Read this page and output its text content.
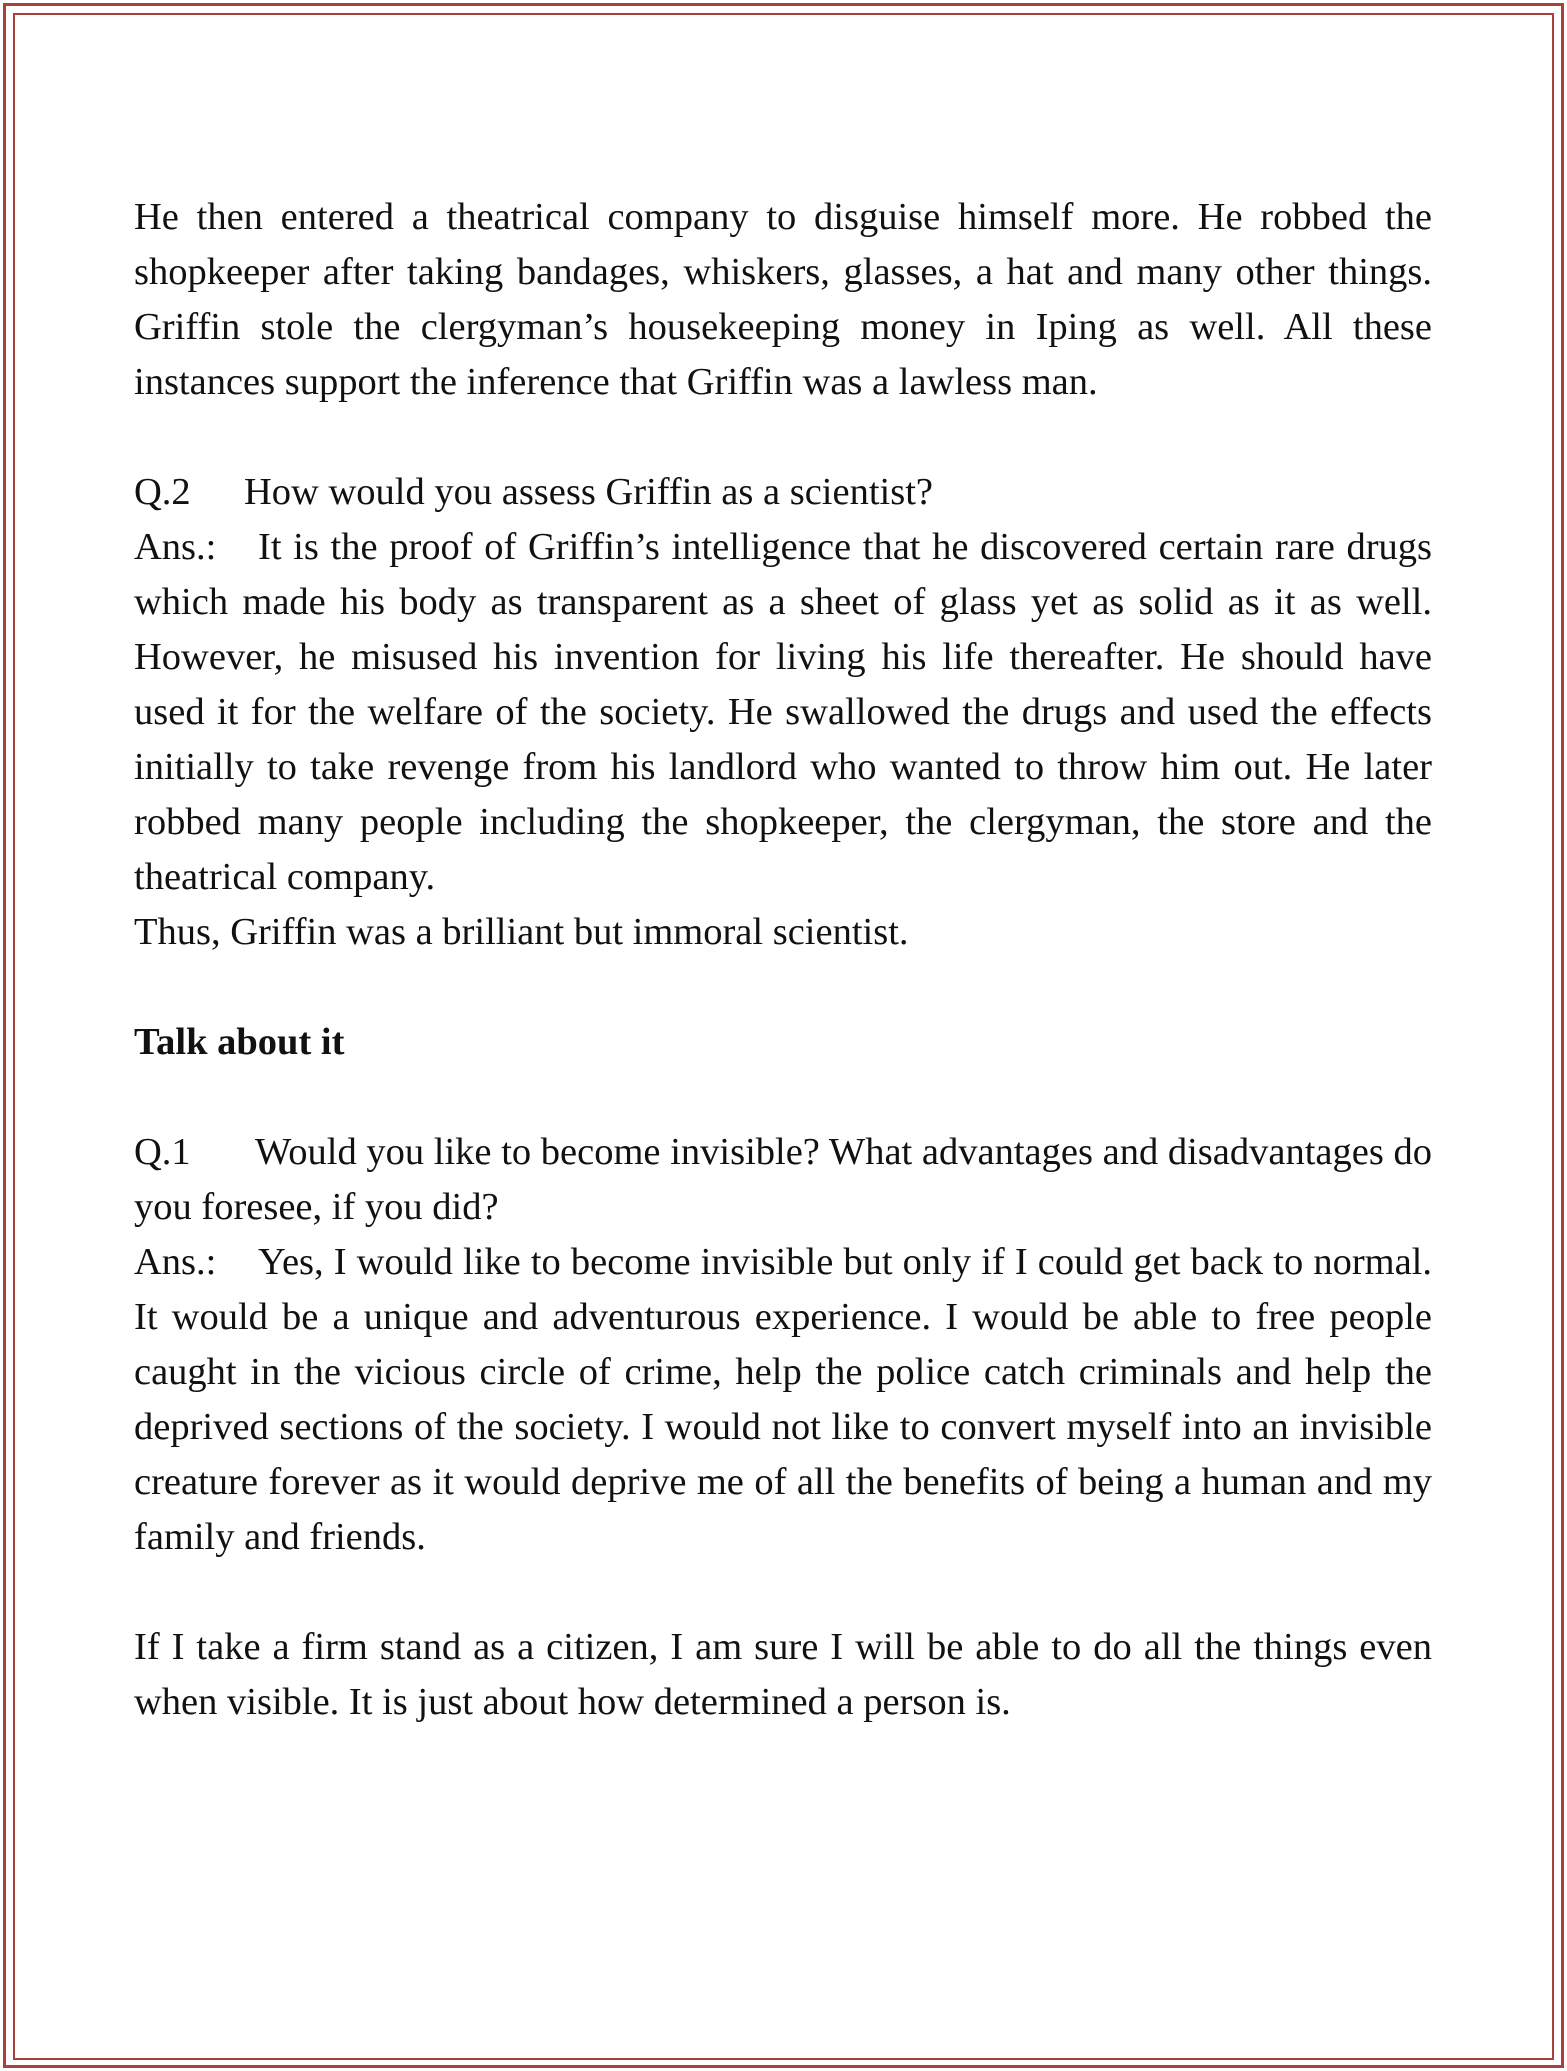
He then entered a theatrical company to disguise himself more. He robbed the shopkeeper after taking bandages, whiskers, glasses, a hat and many other things. Griffin stole the clergyman’s housekeeping money in Iping as well. All these instances support the inference that Griffin was a lawless man.

Q.2 How would you assess Griffin as a scientist?

Ans.: It is the proof of Griffin’s intelligence that he discovered certain rare drugs which made his body as transparent as a sheet of glass yet as solid as it as well. However, he misused his invention for living his life thereafter. He should have used it for the welfare of the society. He swallowed the drugs and used the effects initially to take revenge from his landlord who wanted to throw him out. He later robbed many people including the shopkeeper, the clergyman, the store and the theatrical company.

Thus, Griffin was a brilliant but immoral scientist.

Talk about it

Q.1 Would you like to become invisible? What advantages and disadvantages do you foresee, if you did?

Ans.: Yes, I would like to become invisible but only if I could get back to normal. It would be a unique and adventurous experience. I would be able to free people caught in the vicious circle of crime, help the police catch criminals and help the deprived sections of the society. I would not like to convert myself into an invisible creature forever as it would deprive me of all the benefits of being a human and my family and friends.

If I take a firm stand as a citizen, I am sure I will be able to do all the things even when visible. It is just about how determined a person is.
